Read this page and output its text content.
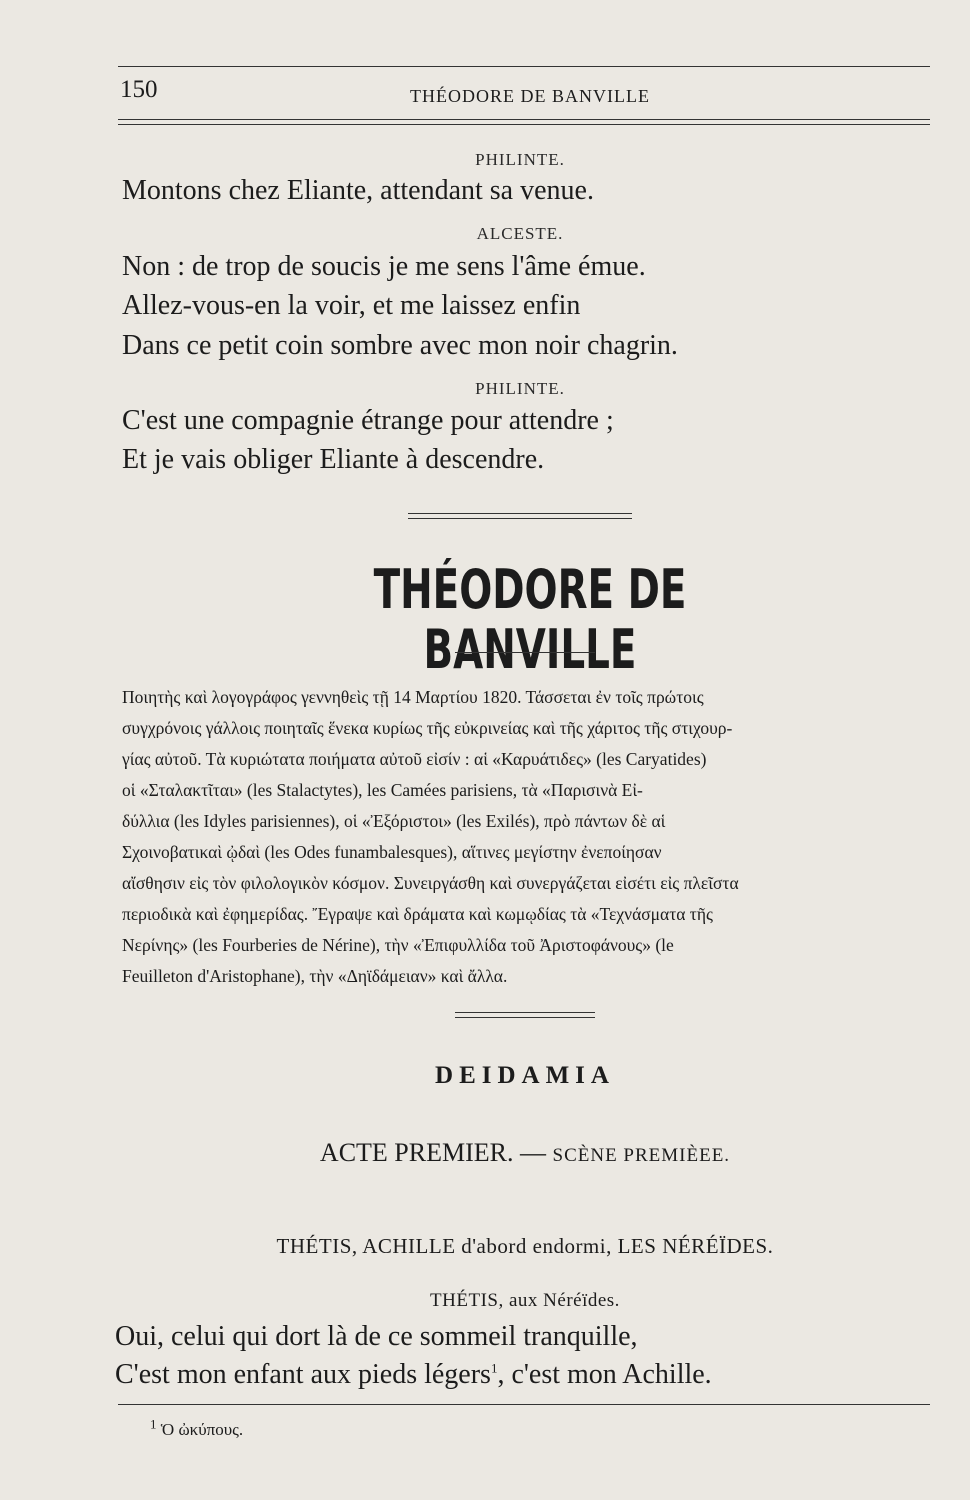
150	THÉODORE DE BANVILLE
PHILINTE.
Montons chez Eliante, attendant sa venue.
ALCESTE.
Non : de trop de soucis je me sens l'âme émue.
Allez-vous-en la voir, et me laissez enfin
Dans ce petit coin sombre avec mon noir chagrin.
PHILINTE.
C'est une compagnie étrange pour attendre ;
Et je vais obliger Eliante à descendre.
THÉODORE DE BANVILLE
Ποιητὴς καὶ λογογράφος γεννηθεὶς τῇ 14 Μαρτίου 1820. Τάσσεται ἐν τοῖς πρώτοις
συγχρόνοις γάλλοις ποιηταῖς ἕνεκα κυρίως τῆς εὐκρινείας καὶ τῆς χάριτος τῆς στιχουρ-
γίας αὐτοῦ. Τὰ κυριώτατα ποιήματα αὐτοῦ εἰσίν : αἱ «Καρυάτιδες» (les Caryatides)
οἱ «Σταλακτῖται» (les Stalactytes), les Camées parisiens, τὰ «Παρισινὰ Εἰ-
δύλλια (les Idyles parisiennes), οἱ «Ἐξόριστοι» (les Exilés), πρὸ πάντων δὲ αἱ
Σχοινοβατικαὶ ᾠδαὶ (les Odes funambalesques), αἵτινες μεγίστην ἐνεποίησαν
αἴσθησιν εἰς τὸν φιλολογικὸν κόσμον. Συνειργάσθη καὶ συνεργάζεται εἰσέτι εἰς πλεῖστα
περιοδικὰ καὶ ἐφημερίδας. Ἔγραψε καὶ δράματα καὶ κωμῳδίας τὰ «Τεχνάσματα τῆς
Νερίνης» (les Fourberies de Nérine), τὴν «Ἐπιφυλλίδα τοῦ Ἀριστοφάνους» (le
Feuilleton d'Aristophane), τὴν «Δηϊδάμειαν» καὶ ἄλλα.
DEIDAMIA
ACTE PREMIER. — SCÈNE PREMIÈEE.
THÉTIS, ACHILLE d'abord endormi, LES NÉRÉÏDES.
THÉTIS, aux Néréïdes.
Oui, celui qui dort là de ce sommeil tranquille,
C'est mon enfant aux pieds légers$^1$, c'est mon Achille.
$^1$ Ὁ ὠκύπους.
